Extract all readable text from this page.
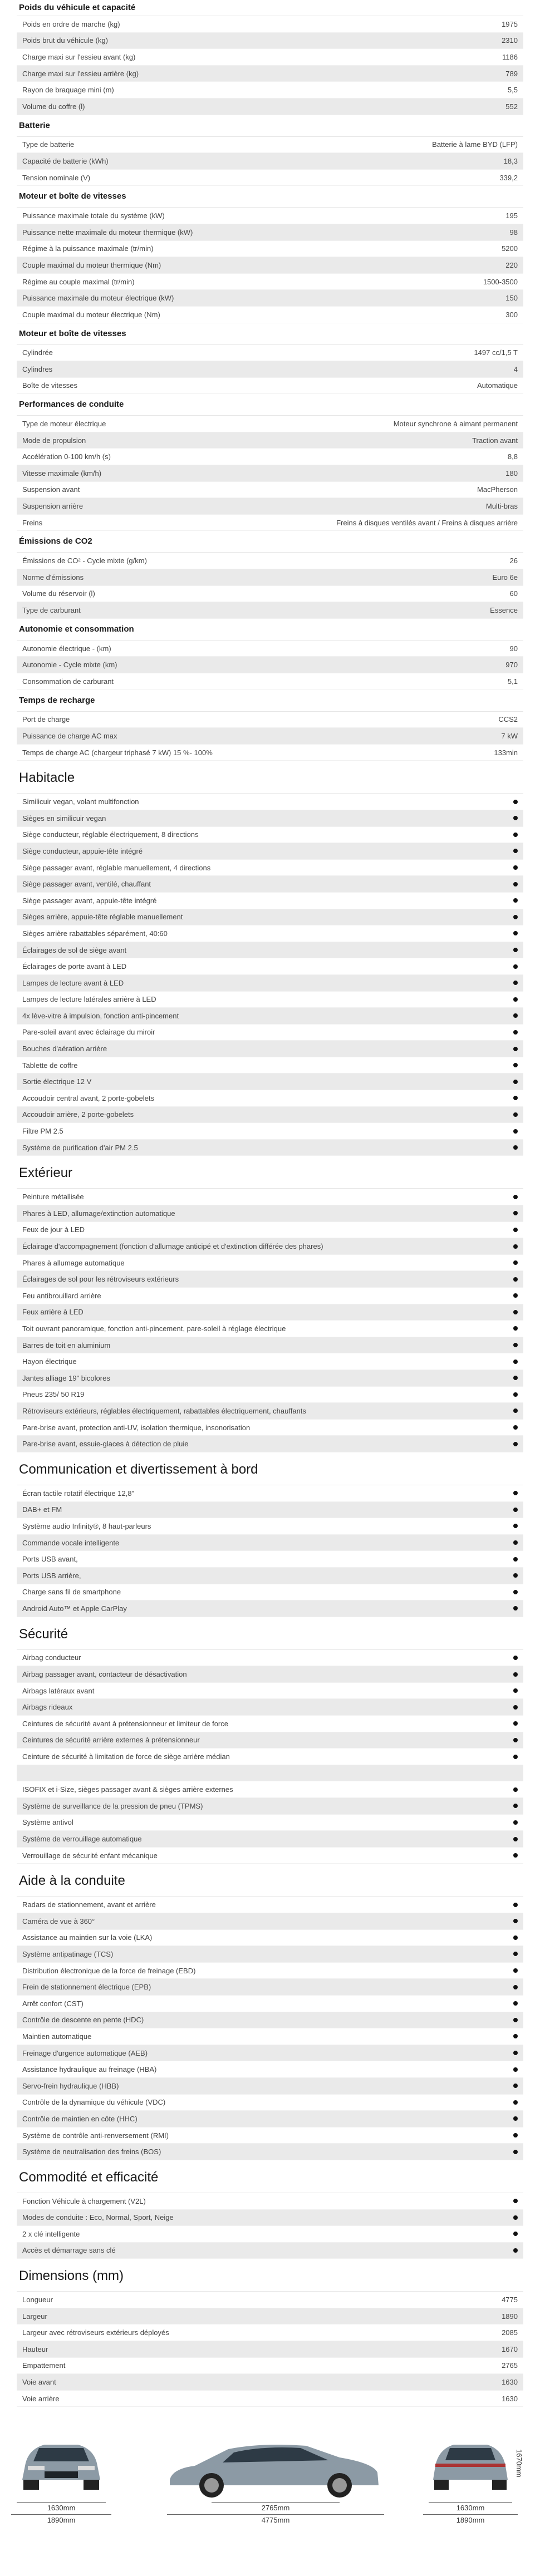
Poids du véhicule et capacité
Poids en ordre de marche (kg)	1975
Poids brut du véhicule (kg)	2310
Charge maxi sur l'essieu avant (kg)	1186
Charge maxi sur l'essieu arrière (kg)	789
Rayon de braquage mini (m)	5,5
Volume du coffre (l)	552
Batterie
Type de batterie	Batterie à lame BYD (LFP)
Capacité de batterie (kWh)	18,3
Tension nominale (V)	339,2
Moteur et boîte de vitesses
Puissance maximale totale du système (kW)	195
Puissance nette maximale du moteur thermique (kW)	98
Régime à la puissance maximale (tr/min)	5200
Couple maximal du moteur thermique (Nm)	220
Régime au couple maximal (tr/min)	1500-3500
Puissance maximale du moteur électrique (kW)	150
Couple maximal du moteur électrique (Nm)	300
Moteur et boîte de vitesses
Cylindrée	1497 cc/1,5 T
Cylindres	4
Boîte de vitesses	Automatique
Performances de conduite
Type de moteur électrique	Moteur synchrone à aimant permanent
Mode de propulsion	Traction avant
Accélération 0-100 km/h (s)	8,8
Vitesse maximale (km/h)	180
Suspension avant	MacPherson
Suspension arrière	Multi-bras
Freins	Freins à disques ventilés avant / Freins à disques arrière
Émissions de CO2
Émissions de CO² - Cycle mixte (g/km)	26
Norme d'émissions	Euro 6e
Volume du réservoir (l)	60
Type de carburant	Essence
Autonomie et consommation
Autonomie électrique - (km)	90
Autonomie - Cycle mixte (km)	970
Consommation de carburant	5,1
Temps de recharge
Port de charge	CCS2
Puissance de charge AC max	7 kW
Temps de charge AC (chargeur triphasé 7 kW) 15 %- 100%	133min
Habitacle
Similicuir vegan, volant multifonction
Sièges en similicuir vegan
Siège conducteur, réglable électriquement, 8 directions
Siège conducteur, appuie-tête intégré
Siège passager avant, réglable manuellement, 4 directions
Siège passager avant, ventilé, chauffant
Siège passager avant, appuie-tête intégré
Sièges arrière, appuie-tête réglable manuellement
Sièges arrière rabattables séparément, 40:60
Éclairages de sol de siège avant
Éclairages de porte avant à LED
Lampes de lecture avant à LED
Lampes de lecture latérales arrière à LED
4x lève-vitre à impulsion, fonction anti-pincement
Pare-soleil avant avec éclairage du miroir
Bouches d'aération arrière
Tablette de coffre
Sortie électrique 12 V
Accoudoir central avant, 2 porte-gobelets
Accoudoir arrière, 2 porte-gobelets
Filtre PM 2.5
Système de purification d'air PM 2.5
Extérieur
Peinture métallisée
Phares à LED, allumage/extinction automatique
Feux de jour à LED
Éclairage d'accompagnement (fonction d'allumage anticipé et d'extinction différée des phares)
Phares à allumage automatique
Éclairages de sol pour les rétroviseurs extérieurs
Feu antibrouillard arrière
Feux arrière à LED
Toit ouvrant panoramique, fonction anti-pincement, pare-soleil à réglage électrique
Barres de toit en aluminium
Hayon électrique
Jantes alliage 19" bicolores
Pneus 235/ 50 R19
Rétroviseurs extérieurs, réglables électriquement, rabattables électriquement, chauffants
Pare-brise avant, protection anti-UV, isolation thermique, insonorisation
Pare-brise avant, essuie-glaces à détection de pluie
Communication et divertissement à bord
Écran tactile rotatif électrique 12,8"
DAB+ et FM
Système audio Infinity®, 8 haut-parleurs
Commande vocale intelligente
Ports USB avant,
Ports USB arrière,
Charge sans fil de smartphone
Android Auto™ et Apple CarPlay
Sécurité
Airbag conducteur
Airbag passager avant, contacteur de désactivation
Airbags latéraux avant
Airbags rideaux
Ceintures de sécurité avant à prétensionneur et limiteur de force
Ceintures de sécurité arrière externes à prétensionneur
Ceinture de sécurité à limitation de force de siège arrière médian
ISOFIX et i-Size, sièges passager avant & sièges arrière externes
Système de surveillance de la pression de pneu (TPMS)
Système antivol
Système de verrouillage automatique
Verrouillage de sécurité enfant mécanique
Aide à la conduite
Radars de stationnement, avant et arrière
Caméra de vue à 360°
Assistance au maintien sur la voie (LKA)
Système antipatinage (TCS)
Distribution électronique de la force de freinage (EBD)
Frein de stationnement électrique (EPB)
Arrêt confort (CST)
Contrôle de descente en pente (HDC)
Maintien automatique
Freinage d'urgence automatique (AEB)
Assistance hydraulique au freinage (HBA)
Servo-frein hydraulique (HBB)
Contrôle de la dynamique du véhicule (VDC)
Contrôle de maintien en côte (HHC)
Système de contrôle anti-renversement (RMI)
Système de neutralisation des freins (BOS)
Commodité et efficacité
Fonction Véhicule à chargement (V2L)
Modes de conduite : Eco, Normal, Sport, Neige
2 x clé intelligente
Accès et démarrage sans clé
Dimensions (mm)
Longueur	4775
Largeur	1890
Largeur avec rétroviseurs extérieurs déployés	2085
Hauteur	1670
Empattement	2765
Voie avant	1630
Voie arrière	1630
1670mm
1630mm
1890mm
2765mm
4775mm
1630mm
1890mm
